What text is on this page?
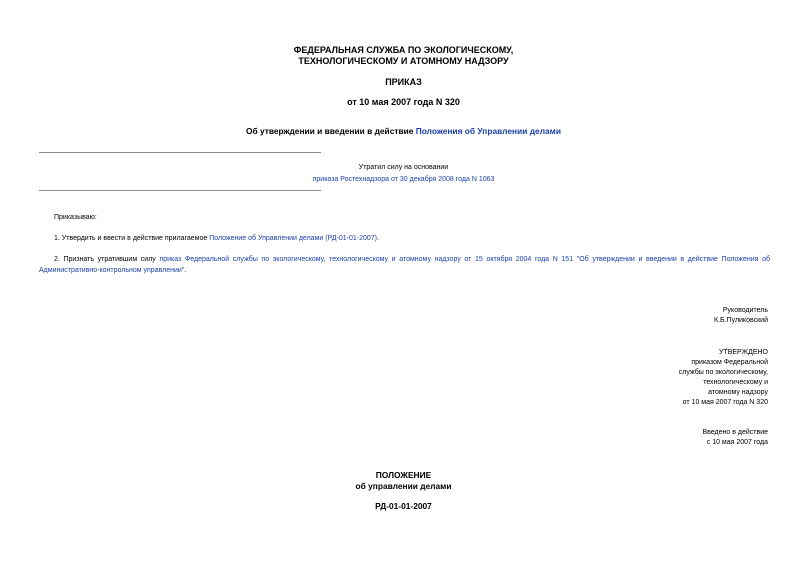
ФЕДЕРАЛЬНАЯ СЛУЖБА ПО ЭКОЛОГИЧЕСКОМУ,
ТЕХНОЛОГИЧЕСКОМУ И АТОМНОМУ НАДЗОРУ
ПРИКАЗ
от 10 мая 2007 года N 320
Об утверждении и введении в действие Положения об Управлении делами
Утратил силу на основании
приказа Ростехнадзора от 30 декабря 2008 года N 1063
Приказываю:
1. Утвердить и ввести в действие прилагаемое Положение об Управлении делами (РД-01-01-2007).
2. Признать утратившим силу приказ Федеральной службы по экологическому, технологическому и атомному надзору от 15 октября 2004 года N 151 "Об утверждении и введении в действие Положения об Административно-контрольном управлении".
Руководитель
К.Б.Пуликовский
УТВЕРЖДЕНО
приказом Федеральной
службы по экологическому,
технологическому и
атомному надзору
от 10 мая 2007 года N 320
Введено в действие
с 10 мая 2007 года
ПОЛОЖЕНИЕ
об управлении делами
РД-01-01-2007
